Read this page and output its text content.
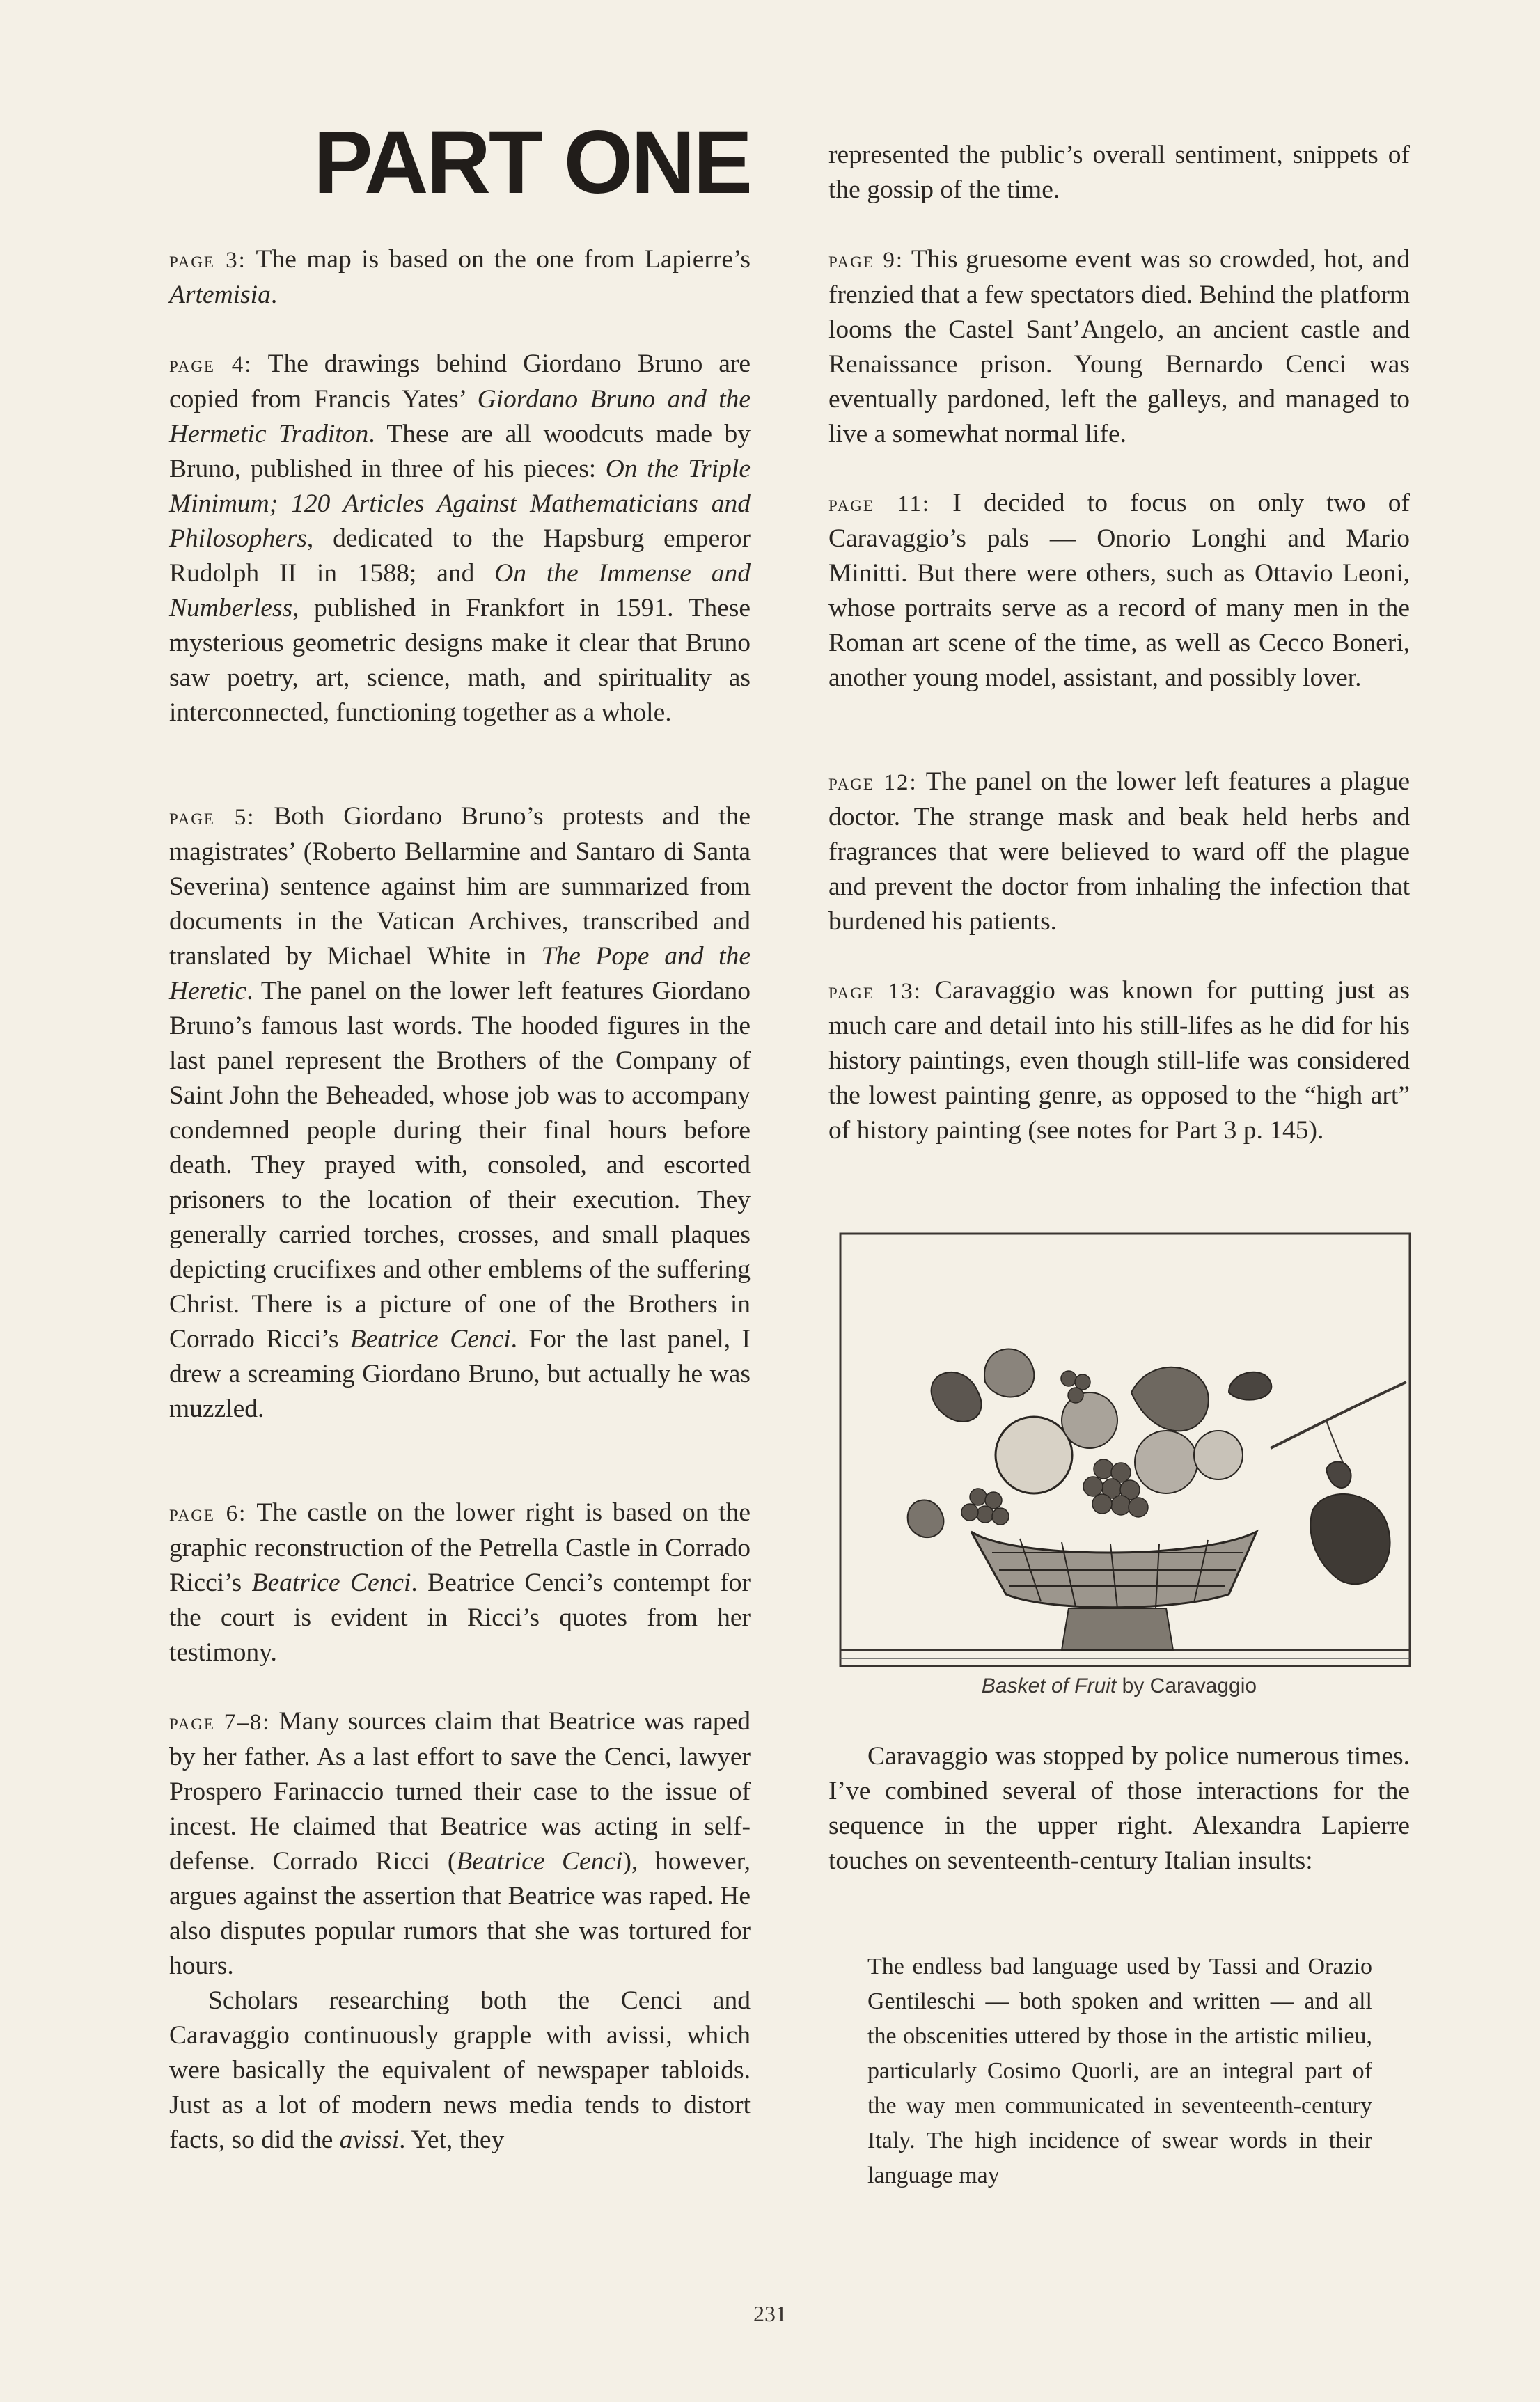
PART ONE

page 3: The map is based on the one from Lapierre’s Artemisia.

page 4: The drawings behind Giordano Bruno are copied from Francis Yates’ Giordano Bruno and the Hermetic Traditon. These are all woodcuts made by Bruno, published in three of his pieces: On the Triple Minimum; 120 Articles Against Mathematicians and Philosophers, dedicated to the Hapsburg emperor Rudolph II in 1588; and On the Immense and Numberless, published in Frankfort in 1591. These mysterious geometric designs make it clear that Bruno saw poetry, art, science, math, and spirituality as interconnected, functioning together as a whole.

page 5: Both Giordano Bruno’s protests and the magistrates’ (Roberto Bellarmine and Santaro di Santa Severina) sentence against him are summarized from documents in the Vatican Archives, transcribed and translated by Michael White in The Pope and the Heretic. The panel on the lower left features Giordano Bruno’s famous last words. The hooded figures in the last panel represent the Brothers of the Company of Saint John the Beheaded, whose job was to accompany condemned people during their final hours before death. They prayed with, consoled, and escorted prisoners to the location of their execution. They generally carried torches, crosses, and small plaques depicting crucifixes and other emblems of the suffering Christ. There is a picture of one of the Brothers in Corrado Ricci’s Beatrice Cenci. For the last panel, I drew a screaming Giordano Bruno, but actually he was muzzled.

page 6: The castle on the lower right is based on the graphic reconstruction of the Petrella Castle in Corrado Ricci’s Beatrice Cenci. Beatrice Cenci’s contempt for the court is evident in Ricci’s quotes from her testimony.

page 7–8: Many sources claim that Beatrice was raped by her father. As a last effort to save the Cenci, lawyer Prospero Farinaccio turned their case to the issue of incest. He claimed that Beatrice was acting in self-defense. Corrado Ricci (Beatrice Cenci), however, argues against the assertion that Beatrice was raped. He also disputes popular rumors that she was tortured for hours.

Scholars researching both the Cenci and Caravaggio continuously grapple with avissi, which were basically the equivalent of newspaper tabloids. Just as a lot of modern news media tends to distort facts, so did the avissi. Yet, they

represented the public’s overall sentiment, snippets of the gossip of the time.

page 9: This gruesome event was so crowded, hot, and frenzied that a few spectators died. Behind the platform looms the Castel Sant’Angelo, an ancient castle and Renaissance prison. Young Bernardo Cenci was eventually pardoned, left the galleys, and managed to live a somewhat normal life.

page 11: I decided to focus on only two of Caravaggio’s pals — Onorio Longhi and Mario Minitti. But there were others, such as Ottavio Leoni, whose portraits serve as a record of many men in the Roman art scene of the time, as well as Cecco Boneri, another young model, assistant, and possibly lover.

page 12: The panel on the lower left features a plague doctor. The strange mask and beak held herbs and fragrances that were believed to ward off the plague and prevent the doctor from inhaling the infection that burdened his patients.

page 13: Caravaggio was known for putting just as much care and detail into his still-lifes as he did for his history paintings, even though still-life was considered the lowest painting genre, as opposed to the “high art” of history painting (see notes for Part 3 p. 145).

Basket of Fruit by Caravaggio

Caravaggio was stopped by police numerous times. I’ve combined several of those interactions for the sequence in the upper right. Alexandra Lapierre touches on seventeenth-century Italian insults:

The endless bad language used by Tassi and Orazio Gentileschi — both spoken and written — and all the obscenities uttered by those in the artistic milieu, particularly Cosimo Quorli, are an integral part of the way men communicated in seventeenth-century Italy. The high incidence of swear words in their language may

231
